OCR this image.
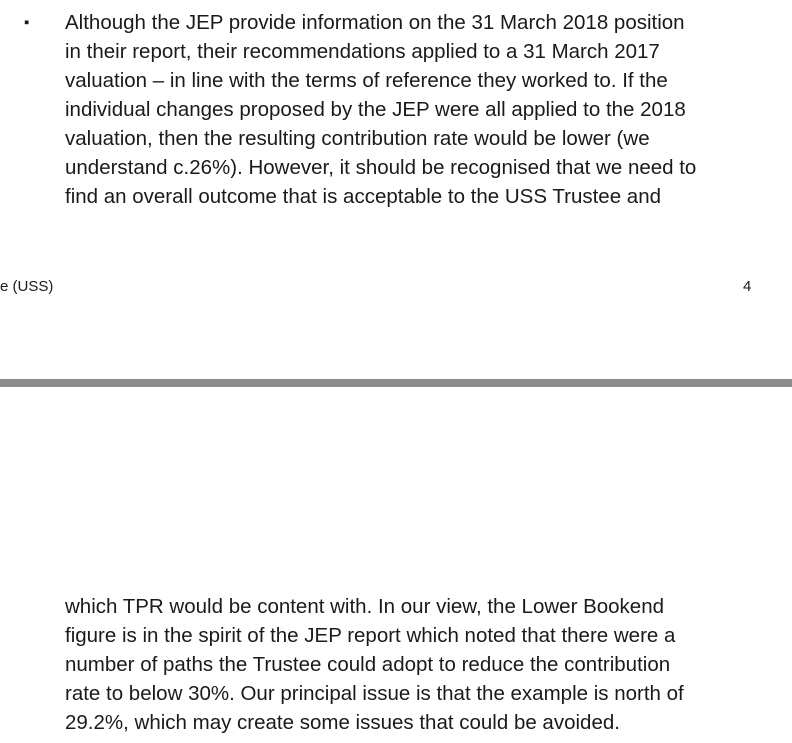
▪ Although the JEP provide information on the 31 March 2018 position
in their report, their recommendations applied to a 31 March 2017
valuation – in line with the terms of reference they worked to. If the
individual changes proposed by the JEP were all applied to the 2018
valuation, then the resulting contribution rate would be lower (we
understand c.26%). However, it should be recognised that we need to
find an overall outcome that is acceptable to the USS Trustee and

e (USS)	4

which TPR would be content with. In our view, the Lower Bookend
figure is in the spirit of the JEP report which noted that there were a
number of paths the Trustee could adopt to reduce the contribution
rate to below 30%. Our principal issue is that the example is north of
29.2%, which may create some issues that could be avoided.
